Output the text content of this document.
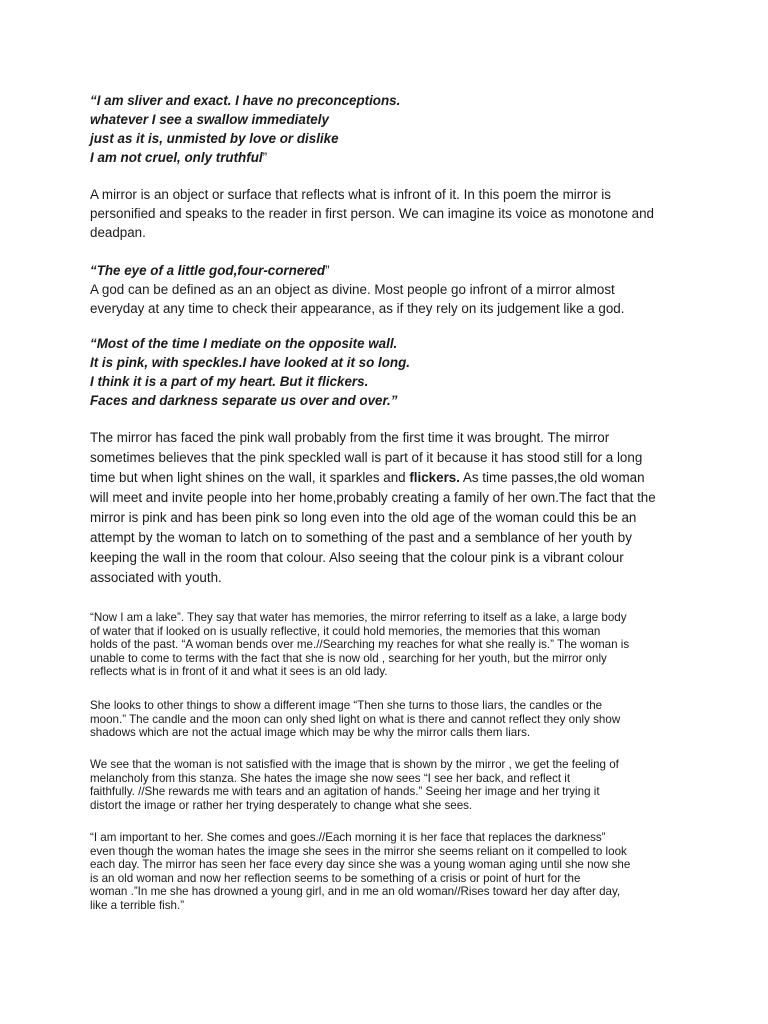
“I am sliver and exact. I have no preconceptions.
whatever I see a swallow immediately
just as it is, unmisted by love or dislike
I am not cruel, only truthful”

A mirror is an object or surface that reflects what is infront of it. In this poem the mirror is
personified and speaks to the reader in first person. We can imagine its voice as monotone and
deadpan.

“The eye of a little god,four-cornered”
A god can be defined as an an object as divine. Most people go infront of a mirror almost
everyday at any time to check their appearance, as if they rely on its judgement like a god.

“Most of the time I mediate on the opposite wall.
It is pink, with speckles.I have looked at it so long.
I think it is a part of my heart. But it flickers.
Faces and darkness separate us over and over.”

The mirror has faced the pink wall probably from the first time it was brought. The mirror
sometimes believes that the pink speckled wall is part of it because it has stood still for a long
time but when light shines on the wall, it sparkles and flickers. As time passes,the old woman
will meet and invite people into her home,probably creating a family of her own.The fact that the
mirror is pink and has been pink so long even into the old age of the woman could this be an
attempt by the woman to latch on to something of the past and a semblance of her youth by
keeping the wall in the room that colour. Also seeing that the colour pink is a vibrant colour
associated with youth.

“Now I am a lake”. They say that water has memories, the mirror referring to itself as a lake, a large body
of water that if looked on is usually reflective, it could hold memories, the memories that this woman
holds of the past. “A woman bends over me.//Searching my reaches for what she really is.” The woman is
unable to come to terms with the fact that she is now old , searching for her youth, but the mirror only
reflects what is in front of it and what it sees is an old lady.

She looks to other things to show a different image “Then she turns to those liars, the candles or the
moon.” The candle and the moon can only shed light on what is there and cannot reflect they only show
shadows which are not the actual image which may be why the mirror calls them liars.

We see that the woman is not satisfied with the image that is shown by the mirror , we get the feeling of
melancholy from this stanza. She hates the image she now sees “I see her back, and reflect it
faithfully. //She rewards me with tears and an agitation of hands.” Seeing her image and her trying it
distort the image or rather her trying desperately to change what she sees.

“I am important to her. She comes and goes.//Each morning it is her face that replaces the darkness”
even though the woman hates the image she sees in the mirror she seems reliant on it compelled to look
each day. The mirror has seen her face every day since she was a young woman aging until she now she
is an old woman and now her reflection seems to be something of a crisis or point of hurt for the
woman .”In me she has drowned a young girl, and in me an old woman//Rises toward her day after day,
like a terrible fish.”
